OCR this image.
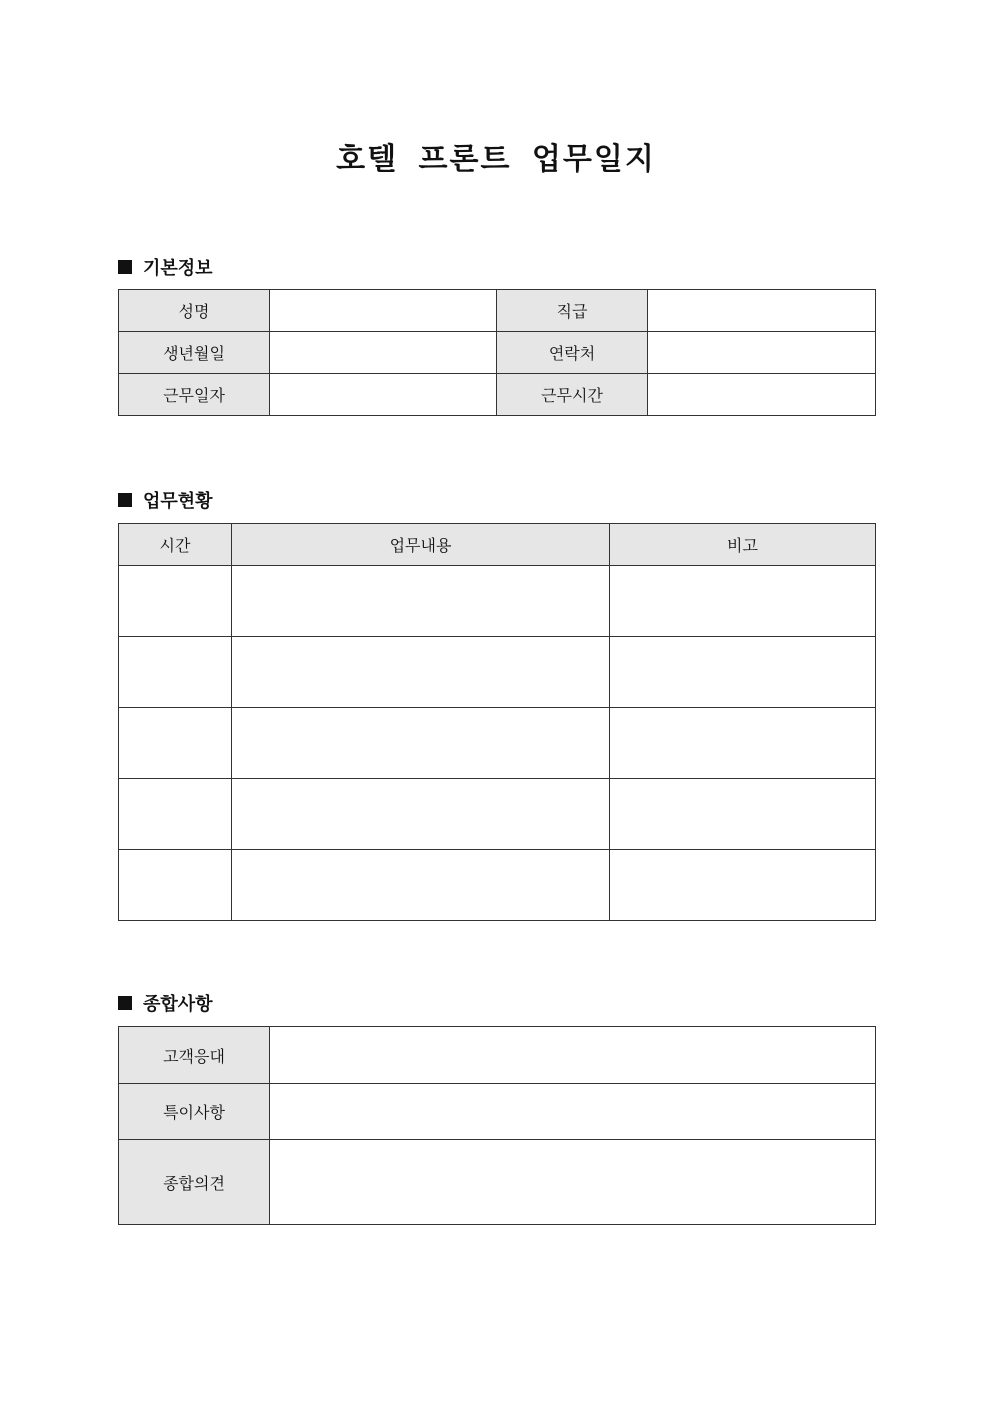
호텔 프론트 업무일지
기본정보
성명		직급	
생년월일		연락처	
근무일자		근무시간	
업무현황
시간	업무내용	비고

종합사항
고객응대	
특이사항	
종합의견	
